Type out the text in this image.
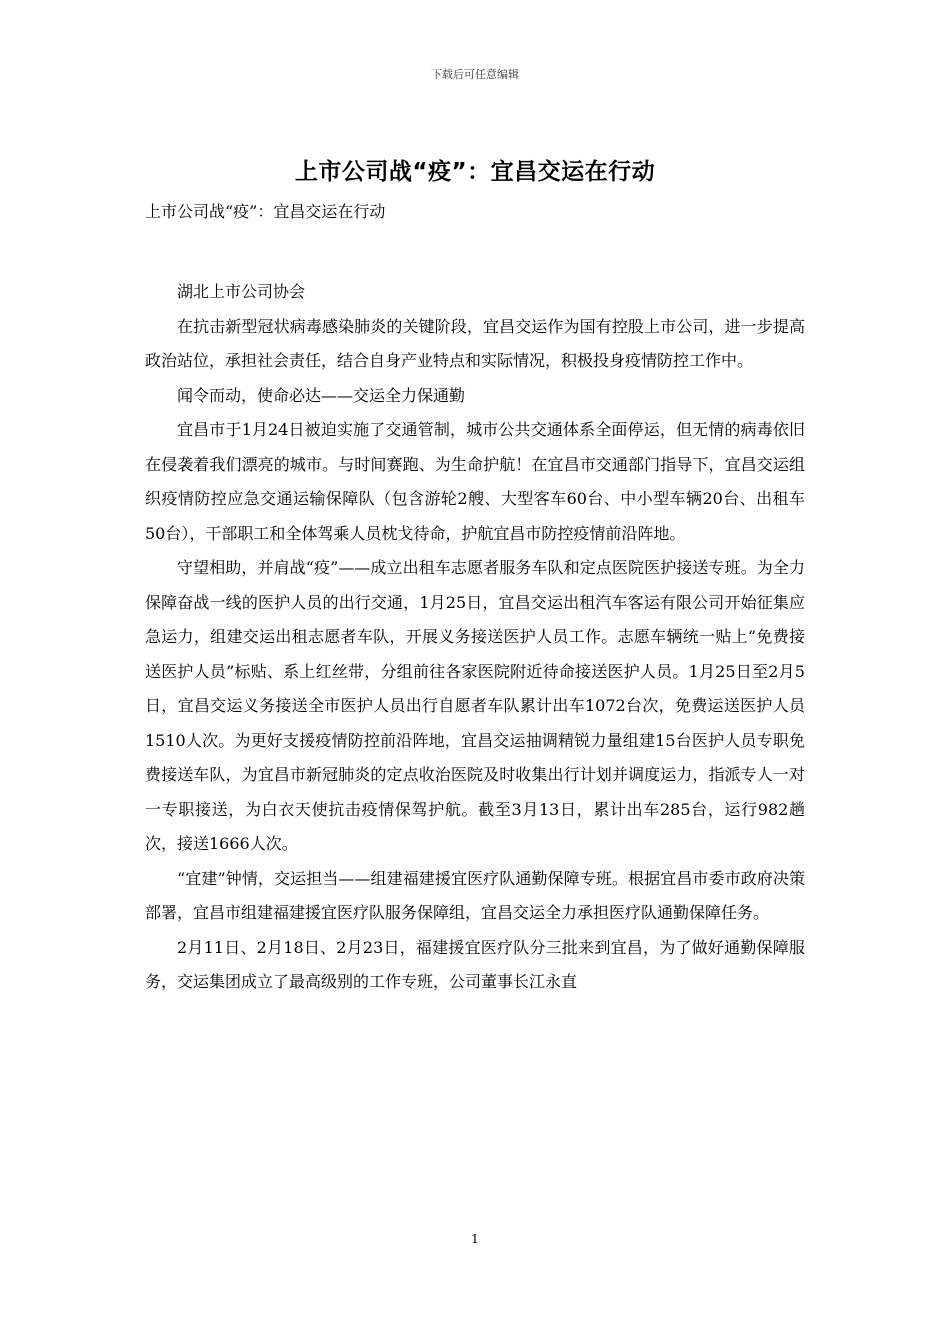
下载后可任意编辑
上市公司战“疫”：宜昌交运在行动
上市公司战“疫”：宜昌交运在行动

湖北上市公司协会

在抗击新型冠状病毒感染肺炎的关键阶段，宜昌交运作为国有控股上市公司，进一步提高政治站位，承担社会责任，结合自身产业特点和实际情况，积极投身疫情防控工作中。

闻令而动，使命必达——交运全力保通勤

宜昌市于1月24日被迫实施了交通管制，城市公共交通体系全面停运，但无情的病毒依旧在侵袭着我们漂亮的城市。与时间赛跑、为生命护航！在宜昌市交通部门指导下，宜昌交运组织疫情防控应急交通运输保障队（包含游轮2艘、大型客车60台、中小型车辆20台、出租车50台），干部职工和全体驾乘人员枕戈待命，护航宜昌市防控疫情前沿阵地。

守望相助，并肩战“疫”——成立出租车志愿者服务车队和定点医院医护接送专班。为全力保障奋战一线的医护人员的出行交通，1月25日，宜昌交运出租汽车客运有限公司开始征集应急运力，组建交运出租志愿者车队，开展义务接送医护人员工作。志愿车辆统一贴上“免费接送医护人员”标贴、系上红丝带，分组前往各家医院附近待命接送医护人员。1月25日至2月5日，宜昌交运义务接送全市医护人员出行自愿者车队累计出车1072台次，免费运送医护人员1510人次。为更好支援疫情防控前沿阵地，宜昌交运抽调精锐力量组建15台医护人员专职免费接送车队，为宜昌市新冠肺炎的定点收治医院及时收集出行计划并调度运力，指派专人一对一专职接送，为白衣天使抗击疫情保驾护航。截至3月13日，累计出车285台，运行982趟次，接送1666人次。

“宜建”钟情，交运担当——组建福建援宜医疗队通勤保障专班。根据宜昌市委市政府决策部署，宜昌市组建福建援宜医疗队服务保障组，宜昌交运全力承担医疗队通勤保障任务。

2月11日、2月18日、2月23日，福建援宜医疗队分三批来到宜昌，为了做好通勤保障服务，交运集团成立了最高级别的工作专班，公司董事长江永直

1
